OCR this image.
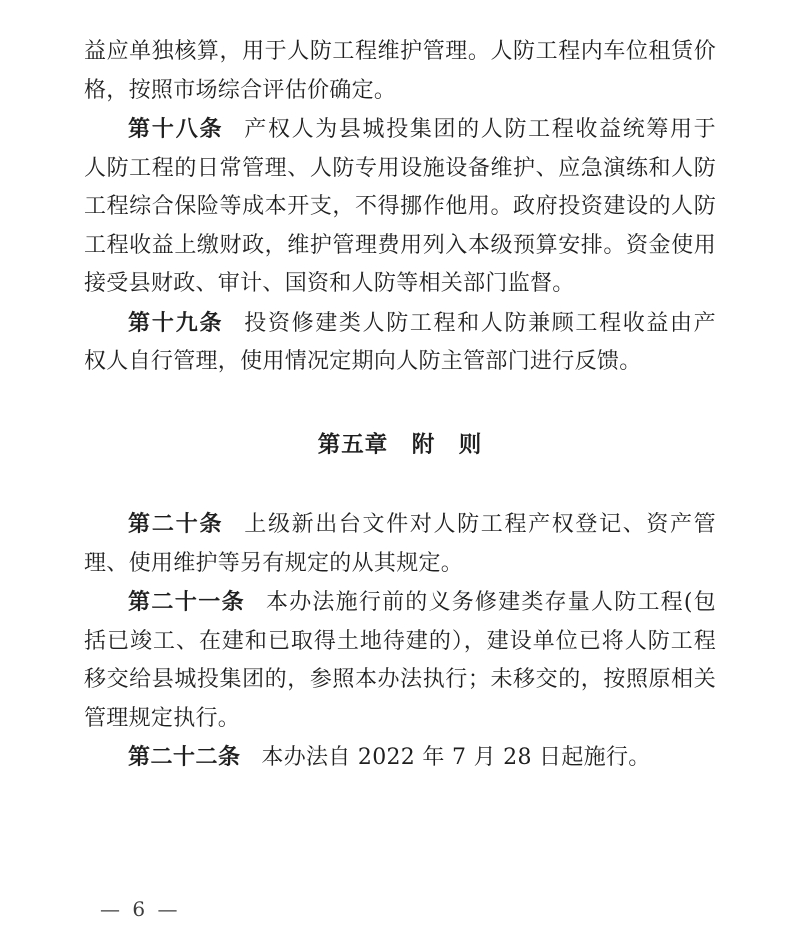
益应单独核算，用于人防工程维护管理。人防工程内车位租赁价
格，按照市场综合评估价确定。
第十八条 产权人为县城投集团的人防工程收益统筹用于
人防工程的日常管理、人防专用设施设备维护、应急演练和人防
工程综合保险等成本开支，不得挪作他用。政府投资建设的人防
工程收益上缴财政，维护管理费用列入本级预算安排。资金使用
接受县财政、审计、国资和人防等相关部门监督。
第十九条 投资修建类人防工程和人防兼顾工程收益由产
权人自行管理，使用情况定期向人防主管部门进行反馈。
第五章　附　则
第二十条 上级新出台文件对人防工程产权登记、资产管
理、使用维护等另有规定的从其规定。
第二十一条 本办法施行前的义务修建类存量人防工程(包
括已竣工、在建和已取得土地待建的），建设单位已将人防工程
移交给县城投集团的，参照本办法执行；未移交的，按照原相关
管理规定执行。
第二十二条 本办法自 2022 年 7 月 28 日起施行。
— 6 —
